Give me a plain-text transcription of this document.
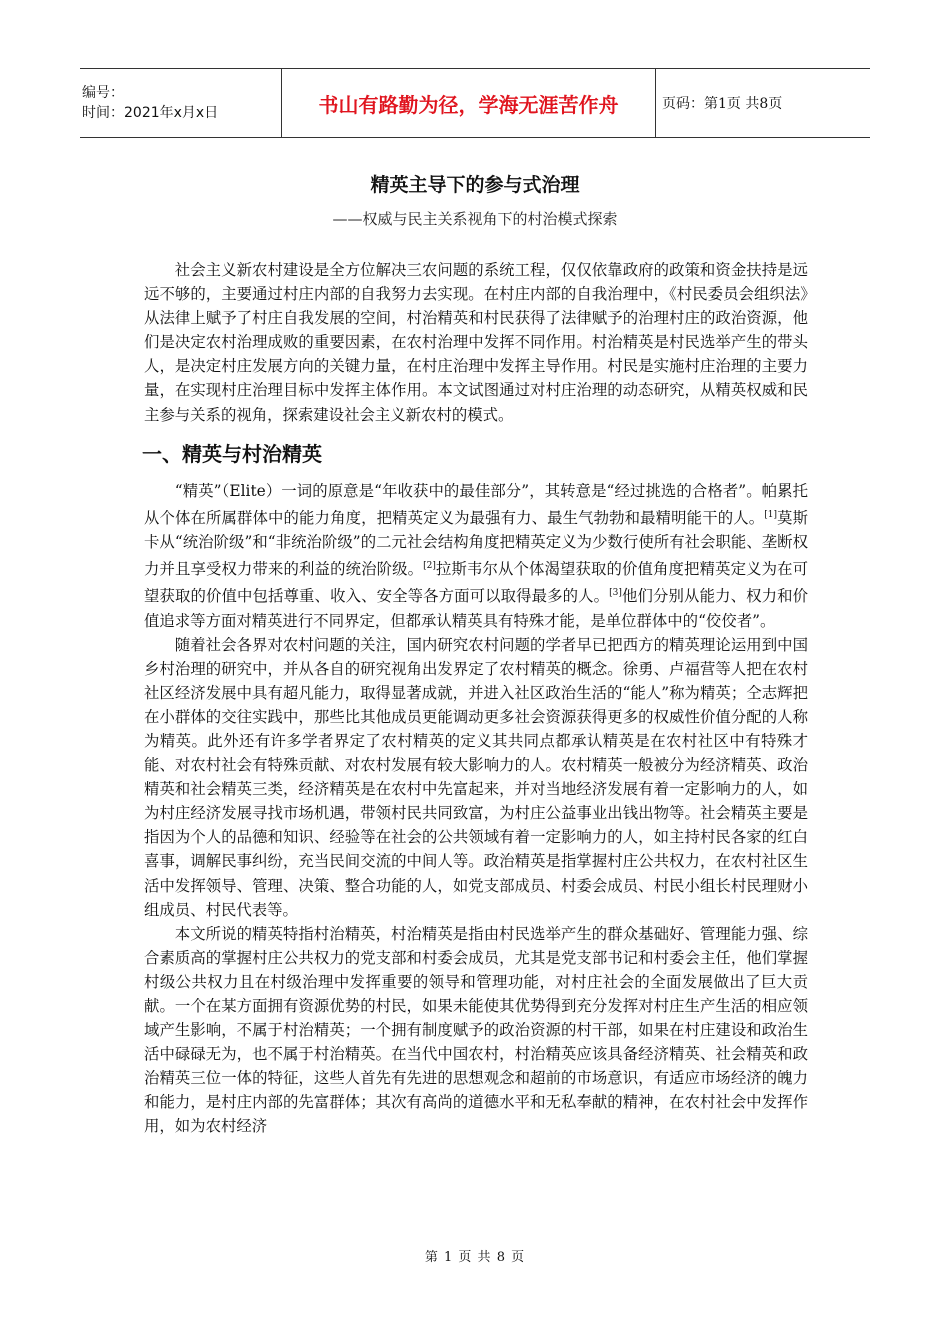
编号：
时间：2021年x月x日	书山有路勤为径，学海无涯苦作舟	页码：第1页 共8页
精英主导下的参与式治理
——权威与民主关系视角下的村治模式探索

社会主义新农村建设是全方位解决三农问题的系统工程，仅仅依靠政府的政策和资金扶持是远远不够的，主要通过村庄内部的自我努力去实现。在村庄内部的自我治理中，《村民委员会组织法》从法律上赋予了村庄自我发展的空间，村治精英和村民获得了法律赋予的治理村庄的政治资源，他们是决定农村治理成败的重要因素，在农村治理中发挥不同作用。村治精英是村民选举产生的带头人，是决定村庄发展方向的关键力量，在村庄治理中发挥主导作用。村民是实施村庄治理的主要力量，在实现村庄治理目标中发挥主体作用。本文试图通过对村庄治理的动态研究，从精英权威和民主参与关系的视角，探索建设社会主义新农村的模式。

一、精英与村治精英

“精英”（Elite）一词的原意是“年收获中的最佳部分”，其转意是“经过挑选的合格者”。帕累托从个体在所属群体中的能力角度，把精英定义为最强有力、最生气勃勃和最精明能干的人。[1]莫斯卡从“统治阶级”和“非统治阶级”的二元社会结构角度把精英定义为少数行使所有社会职能、垄断权力并且享受权力带来的利益的统治阶级。[2]拉斯韦尔从个体渴望获取的价值角度把精英定义为在可望获取的价值中包括尊重、收入、安全等各方面可以取得最多的人。[3]他们分别从能力、权力和价值追求等方面对精英进行不同界定，但都承认精英具有特殊才能，是单位群体中的“佼佼者”。

随着社会各界对农村问题的关注，国内研究农村问题的学者早已把西方的精英理论运用到中国乡村治理的研究中，并从各自的研究视角出发界定了农村精英的概念。徐勇、卢福营等人把在农村社区经济发展中具有超凡能力，取得显著成就，并进入社区政治生活的“能人”称为精英；仝志辉把在小群体的交往实践中，那些比其他成员更能调动更多社会资源获得更多的权威性价值分配的人称为精英。此外还有许多学者界定了农村精英的定义其共同点都承认精英是在农村社区中有特殊才能、对农村社会有特殊贡献、对农村发展有较大影响力的人。农村精英一般被分为经济精英、政治精英和社会精英三类，经济精英是在农村中先富起来，并对当地经济发展有着一定影响力的人，如为村庄经济发展寻找市场机遇，带领村民共同致富，为村庄公益事业出钱出物等。社会精英主要是指因为个人的品德和知识、经验等在社会的公共领域有着一定影响力的人，如主持村民各家的红白喜事，调解民事纠纷，充当民间交流的中间人等。政治精英是指掌握村庄公共权力，在农村社区生活中发挥领导、管理、决策、整合功能的人，如党支部成员、村委会成员、村民小组长村民理财小组成员、村民代表等。

本文所说的精英特指村治精英，村治精英是指由村民选举产生的群众基础好、管理能力强、综合素质高的掌握村庄公共权力的党支部和村委会成员，尤其是党支部书记和村委会主任，他们掌握村级公共权力且在村级治理中发挥重要的领导和管理功能，对村庄社会的全面发展做出了巨大贡献。一个在某方面拥有资源优势的村民，如果未能使其优势得到充分发挥对村庄生产生活的相应领域产生影响，不属于村治精英；一个拥有制度赋予的政治资源的村干部，如果在村庄建设和政治生活中碌碌无为，也不属于村治精英。在当代中国农村，村治精英应该具备经济精英、社会精英和政治精英三位一体的特征，这些人首先有先进的思想观念和超前的市场意识，有适应市场经济的魄力和能力，是村庄内部的先富群体；其次有高尚的道德水平和无私奉献的精神，在农村社会中发挥作用，如为农村经济

第 1 页 共 8 页
